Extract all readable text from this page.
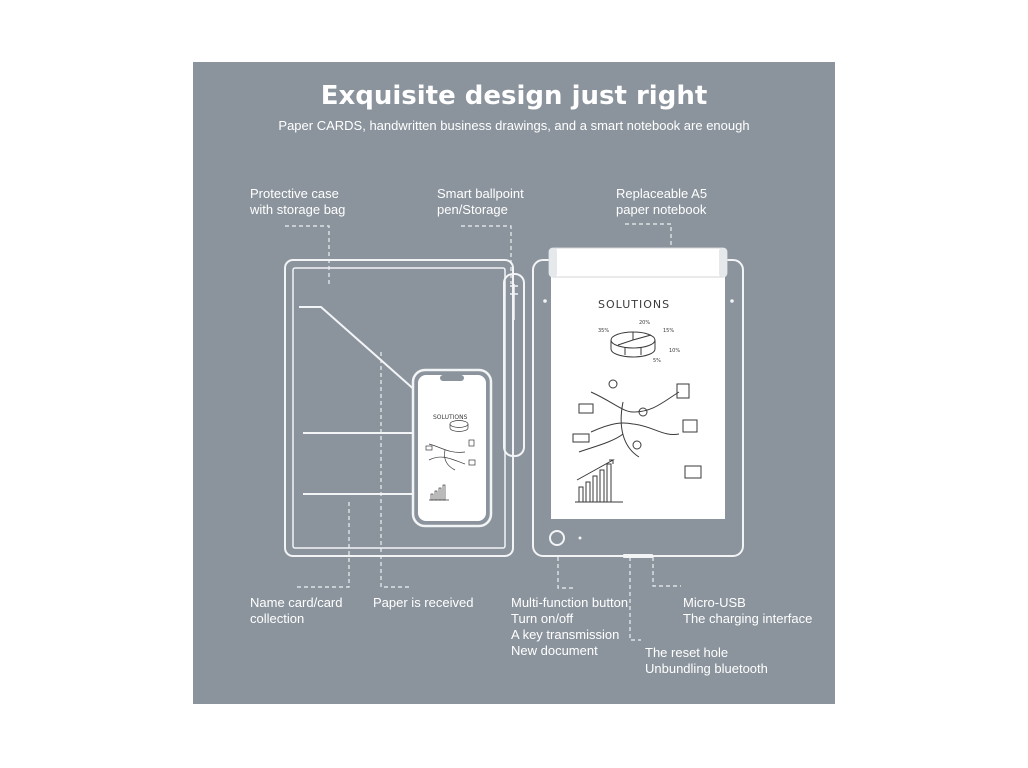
SOLUTIONS
35%
20%
15%
10%
5%
SOLUTIONS
Exquisite design just right
Paper CARDS, handwritten business drawings, and a smart notebook are enough
Protective case
with storage bag
Smart ballpoint
pen/Storage
Replaceable A5
paper notebook
Name card/card
collection
Paper is received	Multi-function button
Turn on/off
A key transmission
New document
Micro-USB
The charging interface
The reset hole
Unbundling bluetooth
